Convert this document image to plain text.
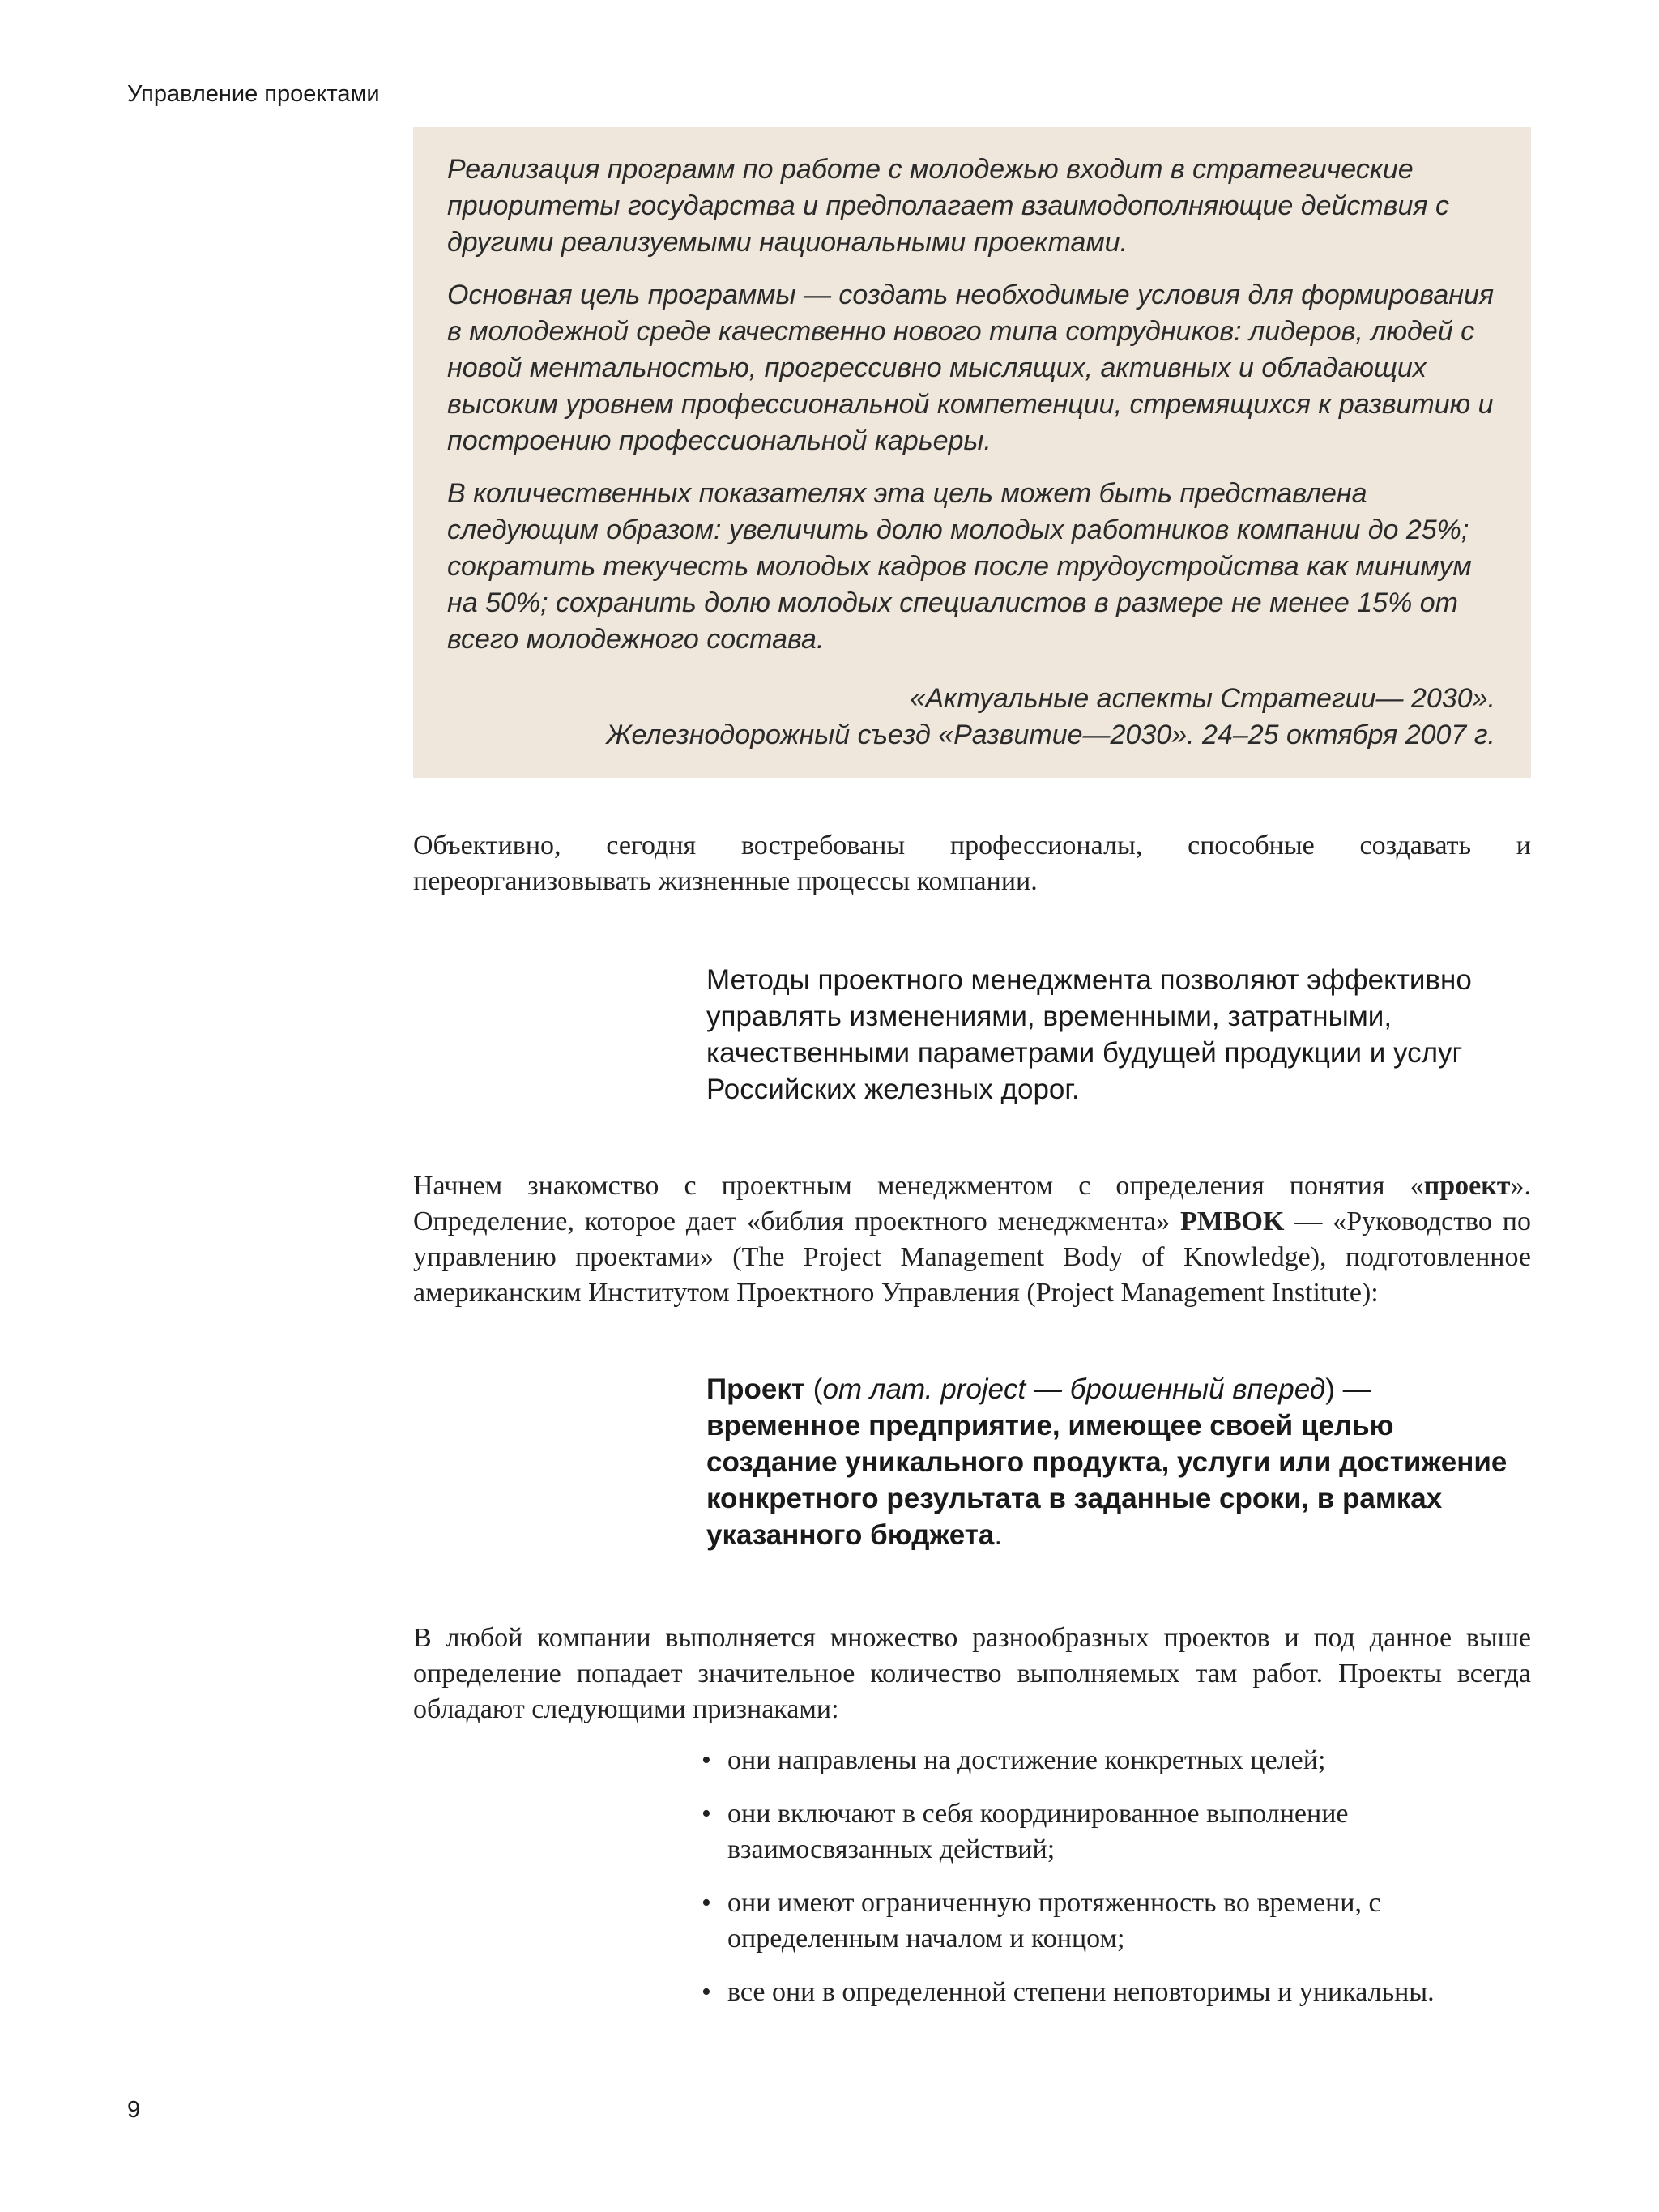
Управление проектами

Реализация программ по работе с молодежью входит в стратегические приоритеты государства и предполагает взаимодополняющие действия с другими реализуемыми национальными проектами.

Основная цель программы — создать необходимые условия для формирования в молодежной среде качественно нового типа сотрудников: лидеров, людей с новой ментальностью, прогрессивно мыслящих, активных и обладающих высоким уровнем профессиональной компетенции, стремящихся к развитию и построению профессиональной карьеры.

В количественных показателях эта цель может быть представлена следующим образом: увеличить долю молодых работников компании до 25%; сократить текучесть молодых кадров после трудоустройства как минимум на 50%; сохранить долю молодых специалистов в размере не менее 15% от всего молодежного состава.

«Актуальные аспекты Стратегии— 2030».
Железнодорожный съезд «Развитие—2030». 24–25 октября 2007 г.

Объективно, сегодня востребованы профессионалы, способные создавать и переорганизовывать жизненные процессы компании.

Методы проектного менеджмента позволяют эффективно управлять изменениями, временными, затратными, качественными параметрами будущей продукции и услуг Российских железных дорог.

Начнем знакомство с проектным менеджментом с определения понятия «проект». Определение, которое дает «библия проектного менеджмента» PMBOK — «Руководство по управлению проектами» (The Project Management Body of Knowledge), подготовленное американским Институтом Проектного Управления (Project Management Institute):

Проект (от лат. project — брошенный вперед) — временное предприятие, имеющее своей целью создание уникального продукта, услуги или достижение конкретного результата в заданные сроки, в рамках указанного бюджета.

В любой компании выполняется множество разнообразных проектов и под данное выше определение попадает значительное количество выполняемых там работ. Проекты всегда обладают следующими признаками:

• они направлены на достижение конкретных целей;
• они включают в себя координированное выполнение взаимосвязанных действий;
• они имеют ограниченную протяженность во времени, с определенным началом и концом;
• все они в определенной степени неповторимы и уникальны.
9
